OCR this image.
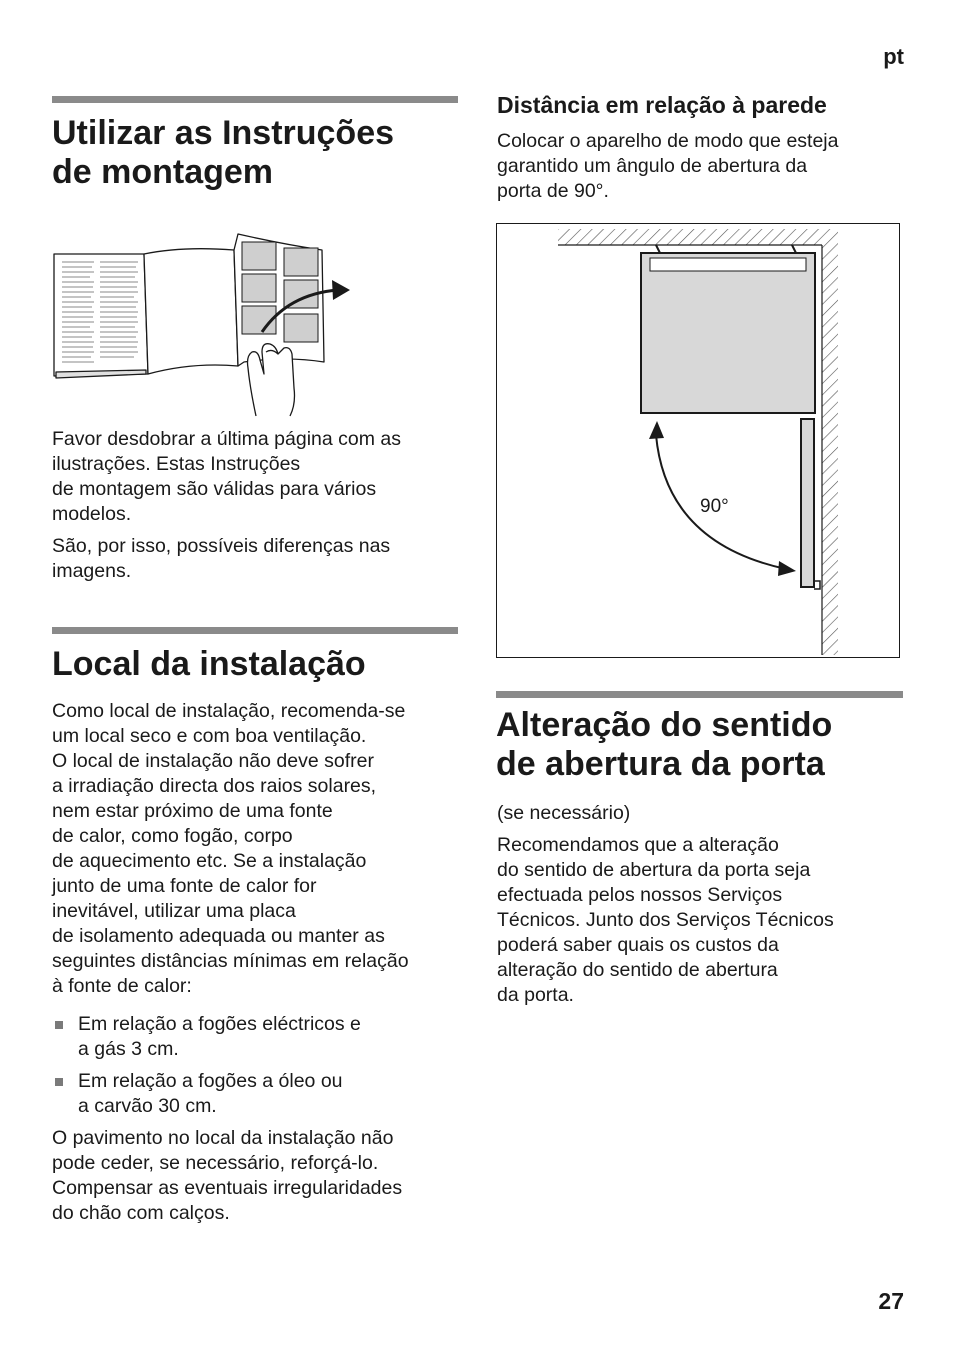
pt
27
Utilizar as Instruções
de montagem

Favor desdobrar a última página com as
ilustrações. Estas Instruções
de montagem são válidas para vários
modelos.

São, por isso, possíveis diferenças nas
imagens.

Local da instalação

Como local de instalação, recomenda-se
um local seco e com boa ventilação.
O local de instalação não deve sofrer
a irradiação directa dos raios solares,
nem estar próximo de uma fonte
de calor, como fogão, corpo
de aquecimento etc. Se a instalação
junto de uma fonte de calor for
inevitável, utilizar uma placa
de isolamento adequada ou manter as
seguintes distâncias mínimas em relação
à fonte de calor:

Em relação a fogões eléctricos e
a gás 3 cm.
Em relação a fogões a óleo ou
a carvão 30 cm.

O pavimento no local da instalação não
pode ceder, se necessário, reforçá-lo.
Compensar as eventuais irregularidades
do chão com calços.

Distância em relação à parede

Colocar o aparelho de modo que esteja
garantido um ângulo de abertura da
porta de 90°.

90°
Alteração do sentido
de abertura da porta

(se necessário)

Recomendamos que a alteração
do sentido de abertura da porta seja
efectuada pelos nossos Serviços
Técnicos. Junto dos Serviços Técnicos
poderá saber quais os custos da
alteração do sentido de abertura
da porta.
